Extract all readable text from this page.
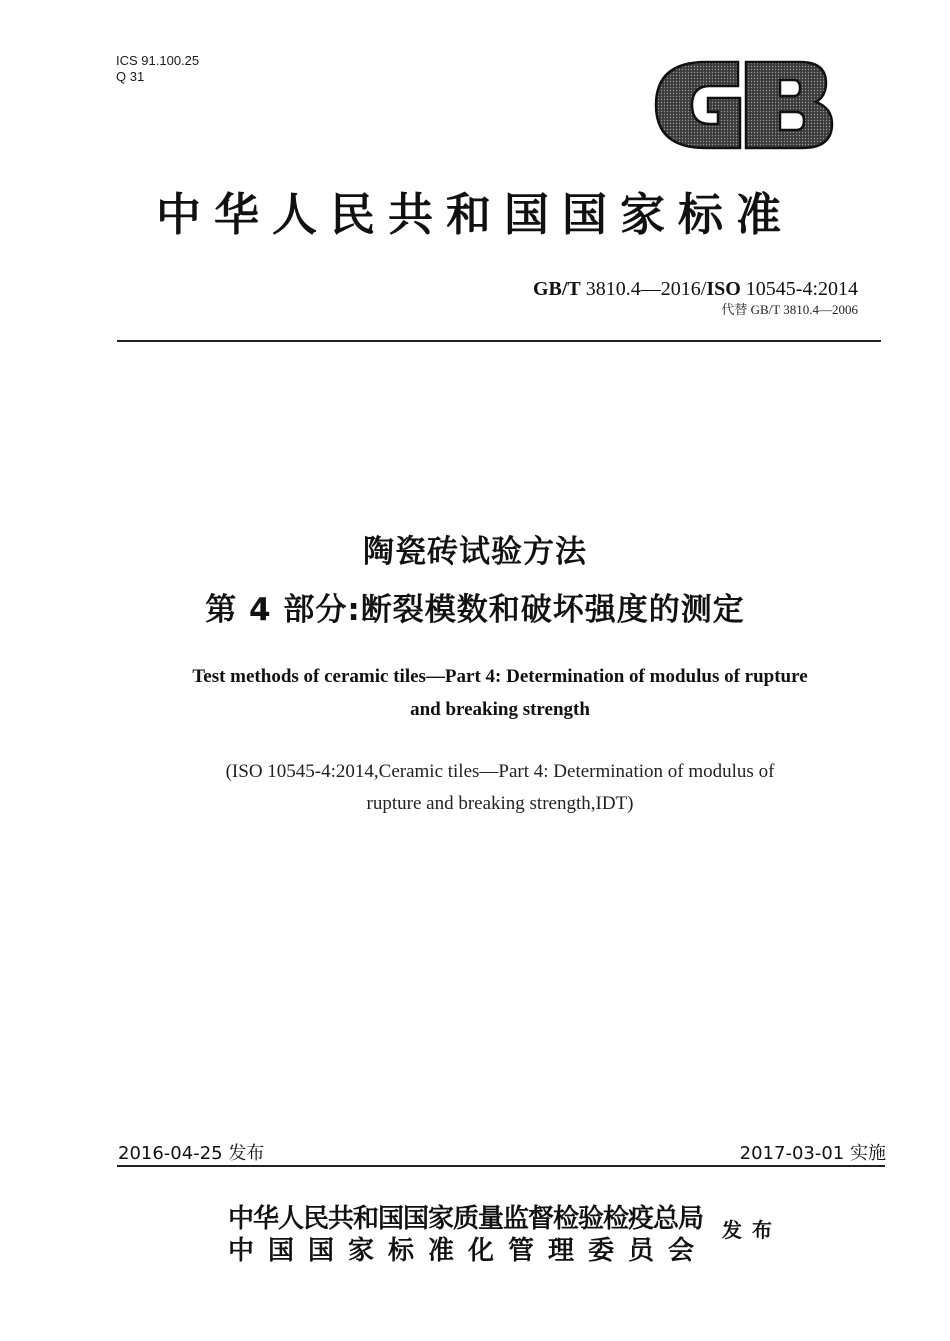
ICS 91.100.25
Q 31
中华人民共和国国家标准
GB/T 3810.4—2016/ISO 10545-4:2014
代替 GB/T 3810.4—2006
陶瓷砖试验方法
第 4 部分:断裂模数和破坏强度的测定
Test methods of ceramic tiles—Part 4: Determination of modulus of rupture
and breaking strength
(ISO 10545-4:2014,Ceramic tiles—Part 4: Determination of modulus of
rupture and breaking strength,IDT)
2016-04-25 发布	2017-03-01 实施
中华人民共和国国家质量监督检验检疫总局
中国国家标准化管理委员会
发布
